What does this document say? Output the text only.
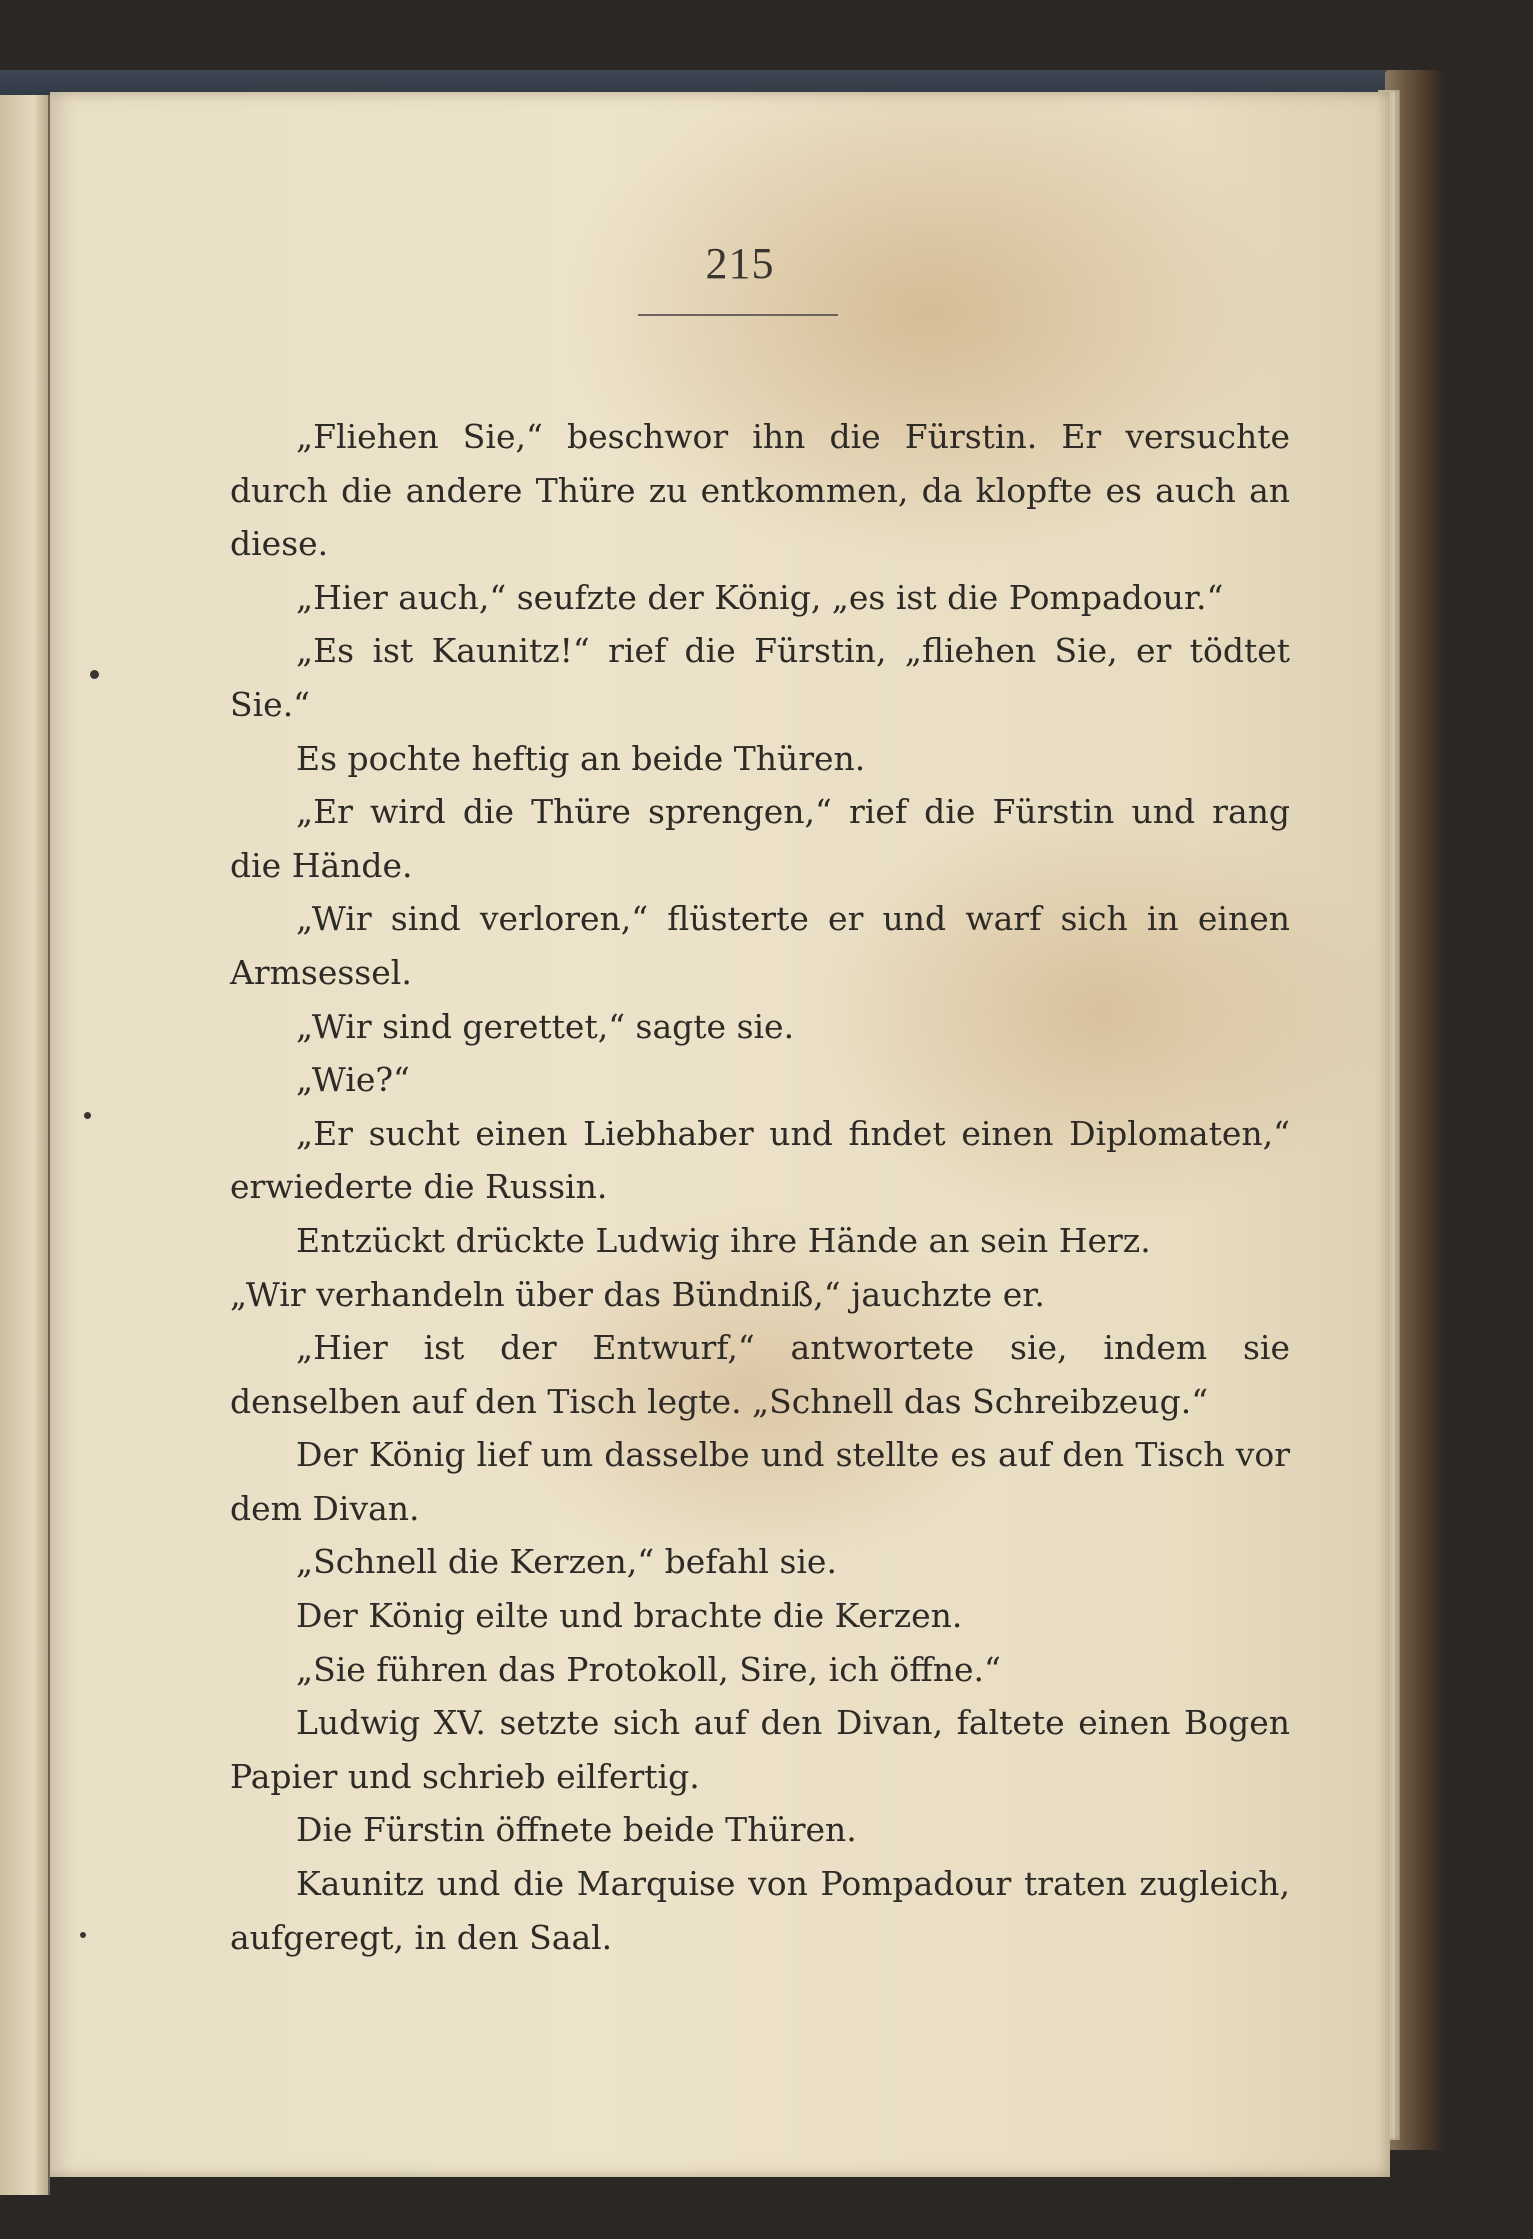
215

„Fliehen Sie,“ beschwor ihn die Fürstin. Er versuchte durch die andere Thüre zu entkommen, da klopfte es auch an diese.

„Hier auch,“ seufzte der König, „es ist die Pompadour.“

„Es ist Kaunitz!“ rief die Fürstin, „fliehen Sie, er tödtet Sie.“

Es pochte heftig an beide Thüren.

„Er wird die Thüre sprengen,“ rief die Fürstin und rang die Hände.

„Wir sind verloren,“ flüsterte er und warf sich in einen Armsessel.

„Wir sind gerettet,“ sagte sie.

„Wie?“

„Er sucht einen Liebhaber und findet einen Diplomaten,“ erwiederte die Russin.

Entzückt drückte Ludwig ihre Hände an sein Herz.

„Wir verhandeln über das Bündniß,“ jauchzte er.

„Hier ist der Entwurf,“ antwortete sie, indem sie denselben auf den Tisch legte. „Schnell das Schreibzeug.“

Der König lief um dasselbe und stellte es auf den Tisch vor dem Divan.

„Schnell die Kerzen,“ befahl sie.

Der König eilte und brachte die Kerzen.

„Sie führen das Protokoll, Sire, ich öffne.“

Ludwig XV. setzte sich auf den Divan, faltete einen Bogen Papier und schrieb eilfertig.

Die Fürstin öffnete beide Thüren.

Kaunitz und die Marquise von Pompadour traten zugleich, aufgeregt, in den Saal.
